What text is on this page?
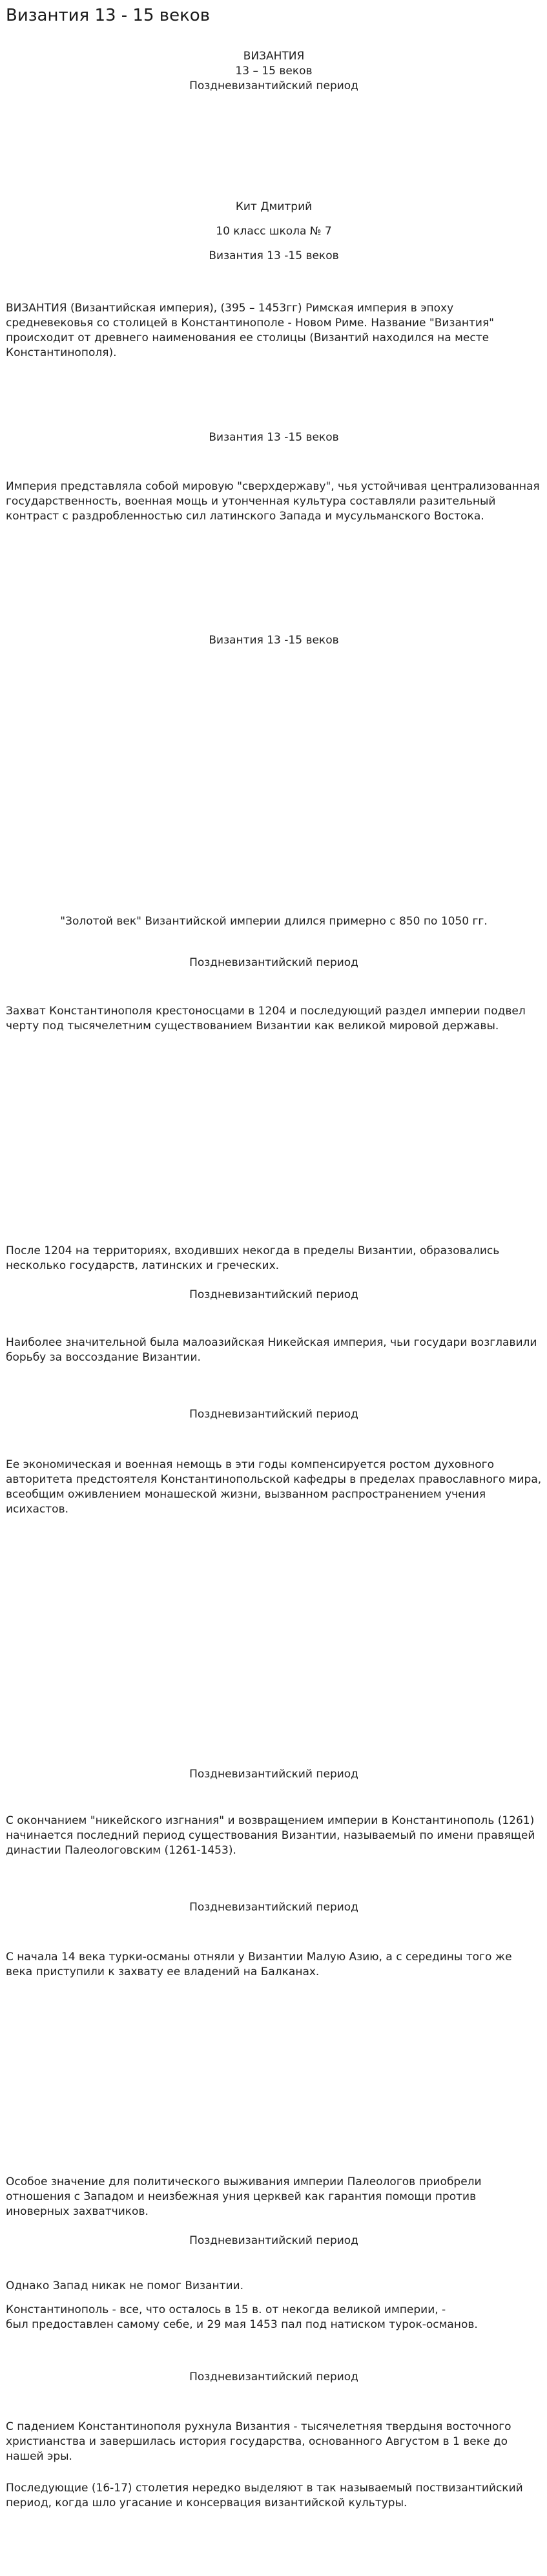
Византия 13 - 15 веков
ВИЗАНТИЯ
13 – 15 веков
Поздневизантийский период

Кит Дмитрий

10 класс школа № 7

Византия 13 -15 веков

ВИЗАНТИЯ (Византийская империя), (395 – 1453гг) Римская империя в эпоху средневековья со столицей в Константинополе - Новом Риме. Название "Византия" происходит от древнего наименования ее столицы (Византий находился на месте Константинополя).

Византия 13 -15 веков

Империя представляла собой мировую "сверхдержаву", чья устойчивая централизованная государственность, военная мощь и утонченная культура составляли разительный контраст с раздробленностью сил латинского Запада и мусульманского Востока.

Византия 13 -15 веков

"Золотой век" Византийской империи длился примерно с 850 по 1050 гг.

Поздневизантийский период

Захват Константинополя крестоносцами в 1204 и последующий раздел империи подвел черту под тысячелетним существованием Византии как великой мировой державы.

После 1204 на территориях, входивших некогда в пределы Византии, образовались несколько государств, латинских и греческих.

Поздневизантийский период

Наиболее значительной была малоазийская Никейская империя, чьи государи возглавили борьбу за воссоздание Византии.

Поздневизантийский период

Ее экономическая и военная немощь в эти годы компенсируется ростом духовного авторитета предстоятеля Константинопольской кафедры в пределах православного мира, всеобщим оживлением монашеской жизни, вызванном распространением учения исихастов.

Поздневизантийский период

С окончанием "никейского изгнания" и возвращением империи в Константинополь (1261) начинается последний период существования Византии, называемый по имени правящей династии Палеологовским (1261-1453).

Поздневизантийский период

С начала 14 века турки-османы отняли у Византии Малую Азию, а с середины того же века приступили к захвату ее владений на Балканах.

Особое значение для политического выживания империи Палеологов приобрели отношения с Западом и неизбежная уния церквей как гарантия помощи против иноверных захватчиков.

Поздневизантийский период

Однако Запад никак не помог Византии.
Константинополь - все, что осталось в 15 в. от некогда великой империи, -
был предоставлен самому себе, и 29 мая 1453 пал под натиском турок-османов.

Поздневизантийский период

С падением Константинополя рухнула Византия - тысячелетняя твердыня восточного христианства и завершилась история государства, основанного Августом в 1 веке до нашей эры.

Последующие (16-17) столетия нередко выделяют в так называемый поствизантийский период, когда шло угасание и консервация византийской культуры.
